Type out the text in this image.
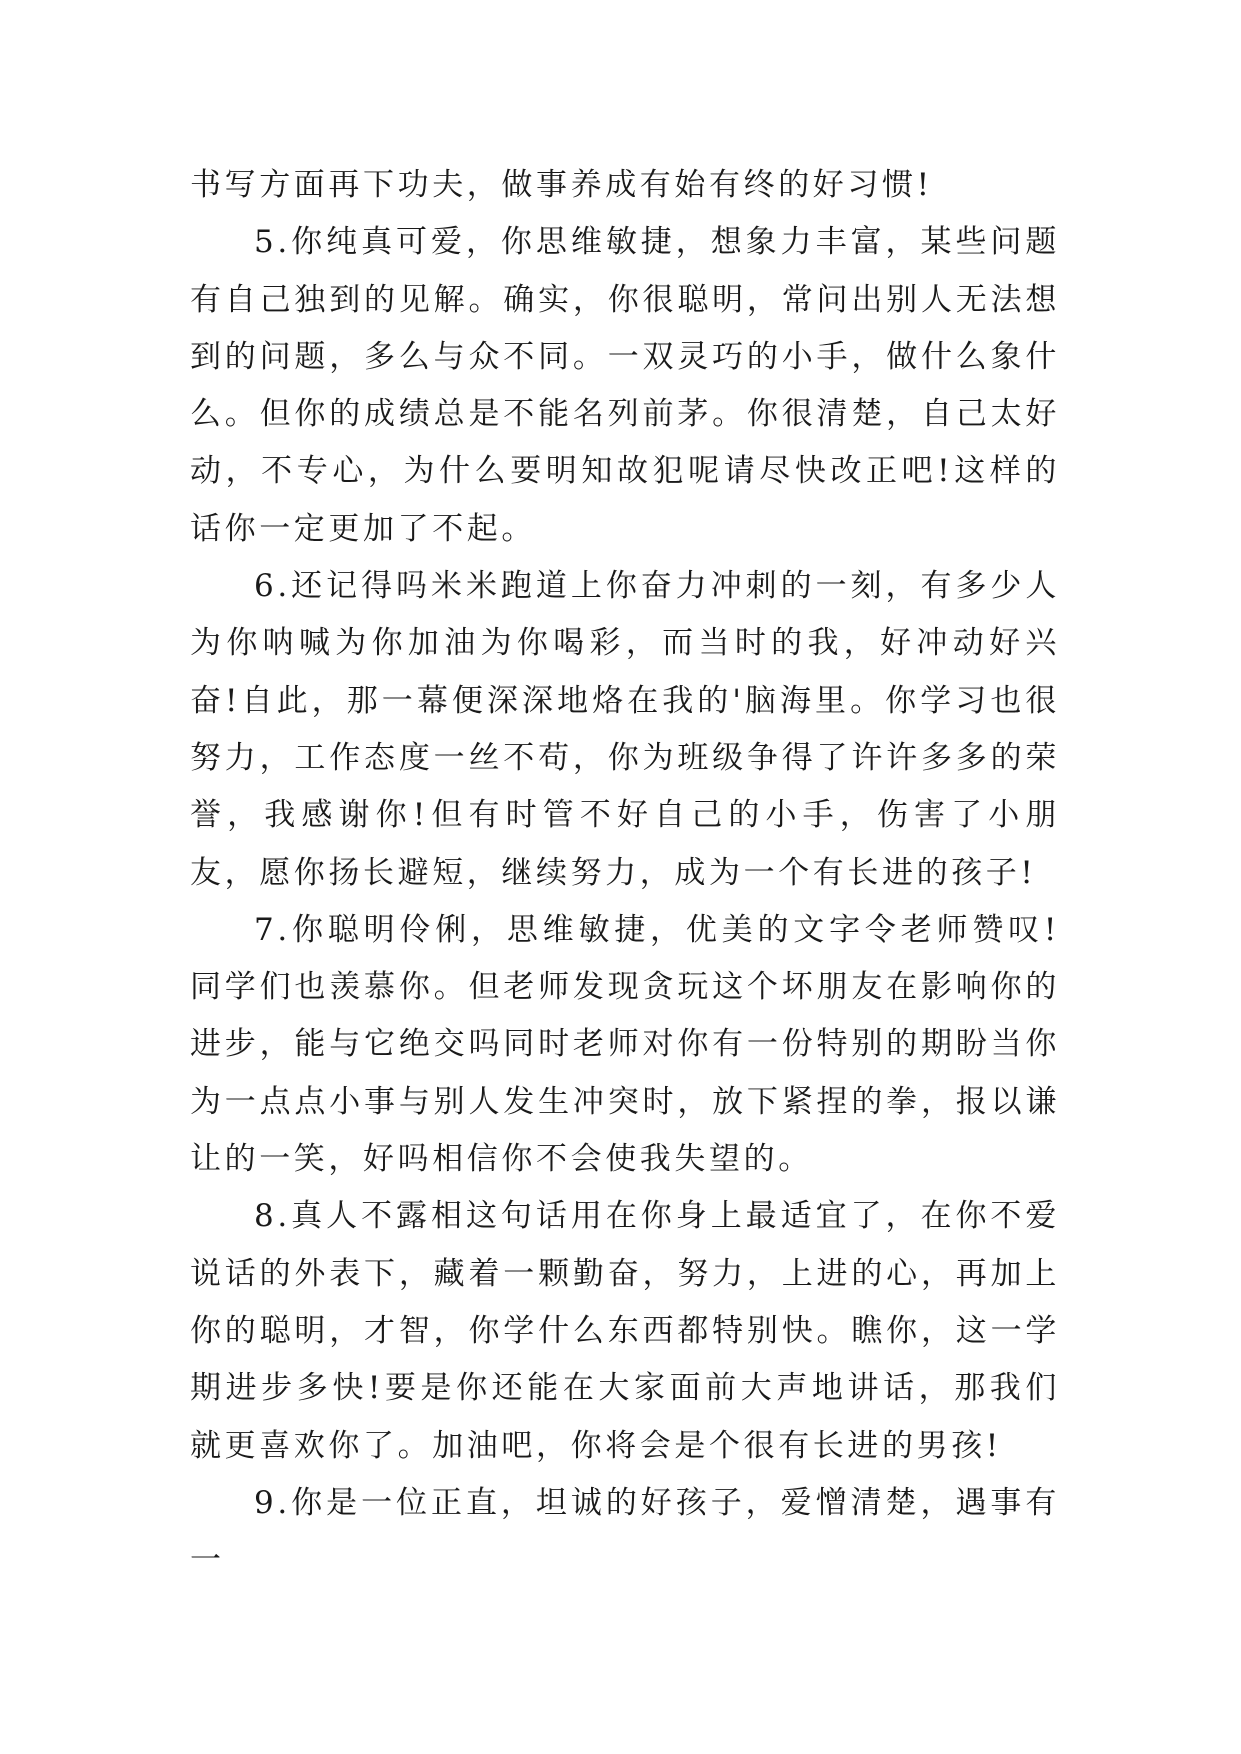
书写方面再下功夫，做事养成有始有终的好习惯!

5.你纯真可爱，你思维敏捷，想象力丰富，某些问题有自己独到的见解。确实，你很聪明，常问出别人无法想到的问题，多么与众不同。一双灵巧的小手，做什么象什么。但你的成绩总是不能名列前茅。你很清楚，自己太好动，不专心，为什么要明知故犯呢请尽快改正吧!这样的话你一定更加了不起。

6.还记得吗米米跑道上你奋力冲刺的一刻，有多少人为你呐喊为你加油为你喝彩，而当时的我，好冲动好兴奋!自此，那一幕便深深地烙在我的'脑海里。你学习也很努力，工作态度一丝不苟，你为班级争得了许许多多的荣誉，我感谢你!但有时管不好自己的小手，伤害了小朋友，愿你扬长避短，继续努力，成为一个有长进的孩子!

7.你聪明伶俐，思维敏捷，优美的文字令老师赞叹!同学们也羡慕你。但老师发现贪玩这个坏朋友在影响你的进步，能与它绝交吗同时老师对你有一份特别的期盼当你为一点点小事与别人发生冲突时，放下紧捏的拳，报以谦让的一笑，好吗相信你不会使我失望的。

8.真人不露相这句话用在你身上最适宜了，在你不爱说话的外表下，藏着一颗勤奋，努力，上进的心，再加上你的聪明，才智，你学什么东西都特别快。瞧你，这一学期进步多快!要是你还能在大家面前大声地讲话，那我们就更喜欢你了。加油吧，你将会是个很有长进的男孩!

9.你是一位正直，坦诚的好孩子，爱憎清楚，遇事有一
